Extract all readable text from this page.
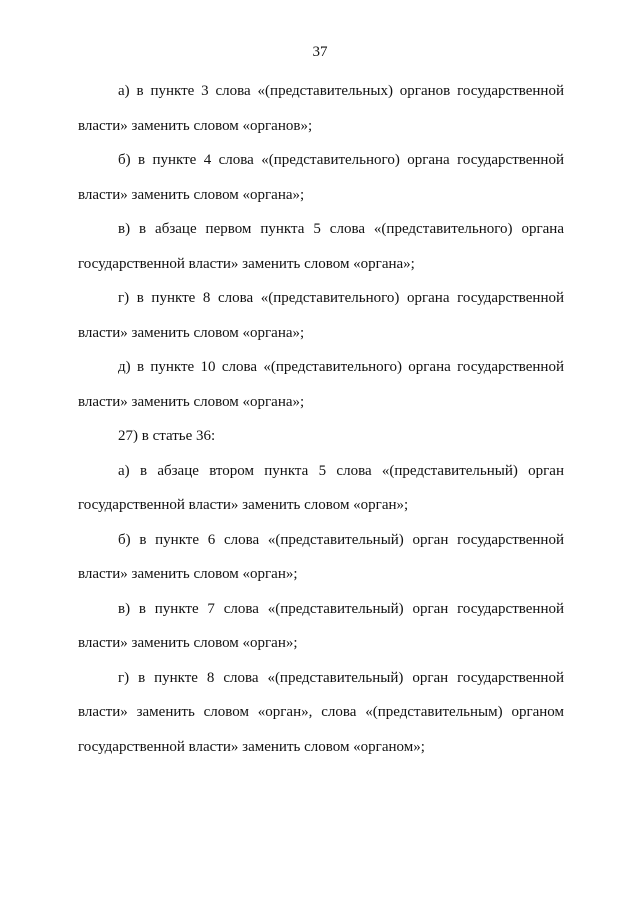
37

а) в пункте 3 слова «(представительных) органов государственной власти» заменить словом «органов»;

б) в пункте 4 слова «(представительного) органа государственной власти» заменить словом «органа»;

в) в абзаце первом пункта 5 слова «(представительного) органа государственной власти» заменить словом «органа»;

г) в пункте 8 слова «(представительного) органа государственной власти» заменить словом «органа»;

д) в пункте 10 слова «(представительного) органа государственной власти» заменить словом «органа»;

27) в статье 36:

а) в абзаце втором пункта 5 слова «(представительный) орган государственной власти» заменить словом «орган»;

б) в пункте 6 слова «(представительный) орган государственной власти» заменить словом «орган»;

в) в пункте 7 слова «(представительный) орган государственной власти» заменить словом «орган»;

г) в пункте 8 слова «(представительный) орган государственной власти» заменить словом «орган», слова «(представительным) органом государственной власти» заменить словом «органом»;
